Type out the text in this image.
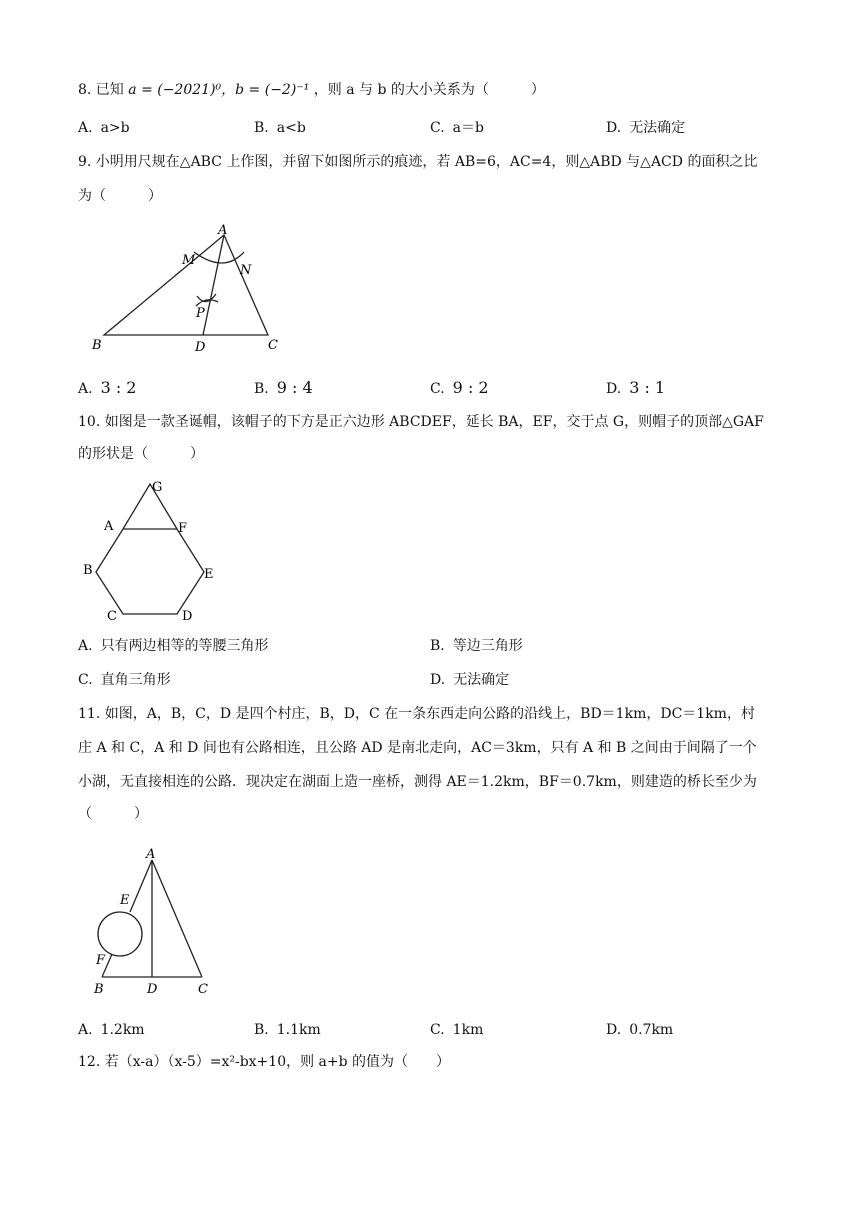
8. 已知 a = (−2021)⁰，b = (−2)⁻¹ ，则 a 与 b 的大小关系为（　　　）
A. a>b	B. a<b	C. a＝b	D. 无法确定
9. 小明用尺规在△ABC 上作图，并留下如图所示的痕迹，若 AB=6，AC=4，则△ABD 与△ACD 的面积之比
为（　　　）
A
M
N
P
B	D	C
A. 3 : 2	B. 9 : 4	C. 9 : 2	D. 3 : 1
10. 如图是一款圣诞帽，该帽子的下方是正六边形 ABCDEF，延长 BA，EF，交于点 G，则帽子的顶部△GAF
的形状是（　　　）
G
A	F
B	E
C	D
A. 只有两边相等的等腰三角形	B. 等边三角形
C. 直角三角形	D. 无法确定
11. 如图，A，B，C，D 是四个村庄，B，D，C 在一条东西走向公路的沿线上，BD＝1km，DC＝1km，村
庄 A 和 C，A 和 D 间也有公路相连，且公路 AD 是南北走向，AC＝3km，只有 A 和 B 之间由于间隔了一个
小湖，无直接相连的公路．现决定在湖面上造一座桥，测得 AE＝1.2km，BF＝0.7km，则建造的桥长至少为
（　　　）
A
E
F
B	D	C
A. 1.2km	B. 1.1km	C. 1km	D. 0.7km
12. 若（x-a）（x-5）=x²-bx+10，则 a+b 的值为（　　）
